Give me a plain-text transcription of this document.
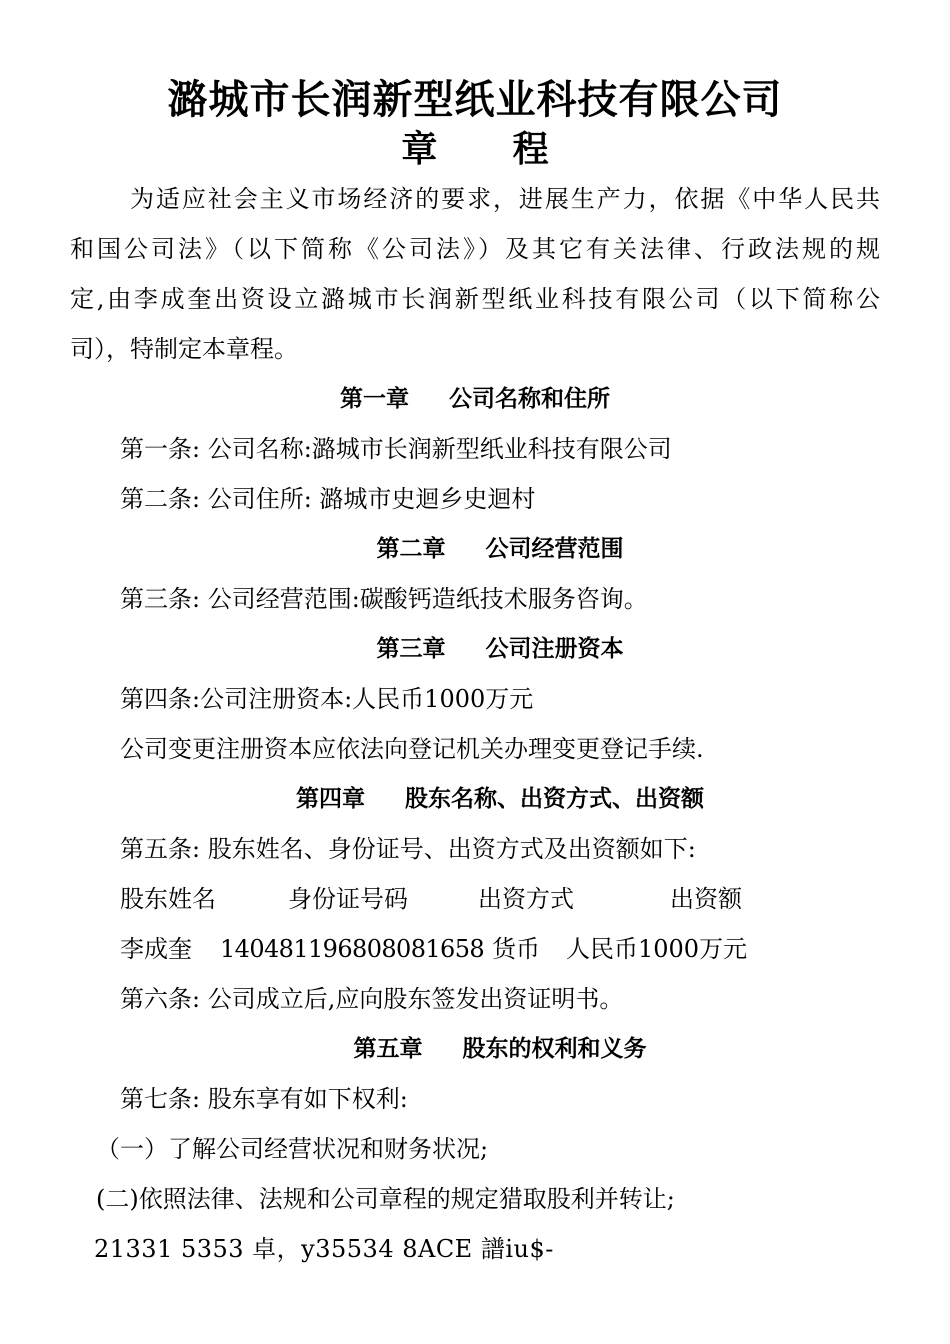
潞城市长润新型纸业科技有限公司
章      程
为适应社会主义市场经济的要求，进展生产力，依据《中华人民共
和国公司法》（以下简称《公司法》）及其它有关法律、行政法规的规
定,由李成奎出资设立潞城市长润新型纸业科技有限公司（以下简称公
司），特制定本章程。
第一章     公司名称和住所
第一条: 公司名称:潞城市长润新型纸业科技有限公司
第二条: 公司住所: 潞城市史迴乡史迴村
第二章     公司经营范围
第三条: 公司经营范围:碳酸钙造纸技术服务咨询。
第三章     公司注册资本
第四条:公司注册资本:人民币1000万元
公司变更注册资本应依法向登记机关办理变更登记手续.
第四章     股东名称、出资方式、出资额
第五条: 股东姓名、身份证号、出资方式及出资额如下:
股东姓名	身份证号码	出资方式	出资额
李成奎 140481196808081658 货币 人民币1000万元
第六条: 公司成立后,应向股东签发出资证明书。
第五章     股东的权利和义务
第七条: 股东享有如下权利:
（一）了解公司经营状况和财务状况;
(二)依照法律、法规和公司章程的规定猎取股利并转让;
21331 5353 卓，y35534 8ACE 譜iu$-
